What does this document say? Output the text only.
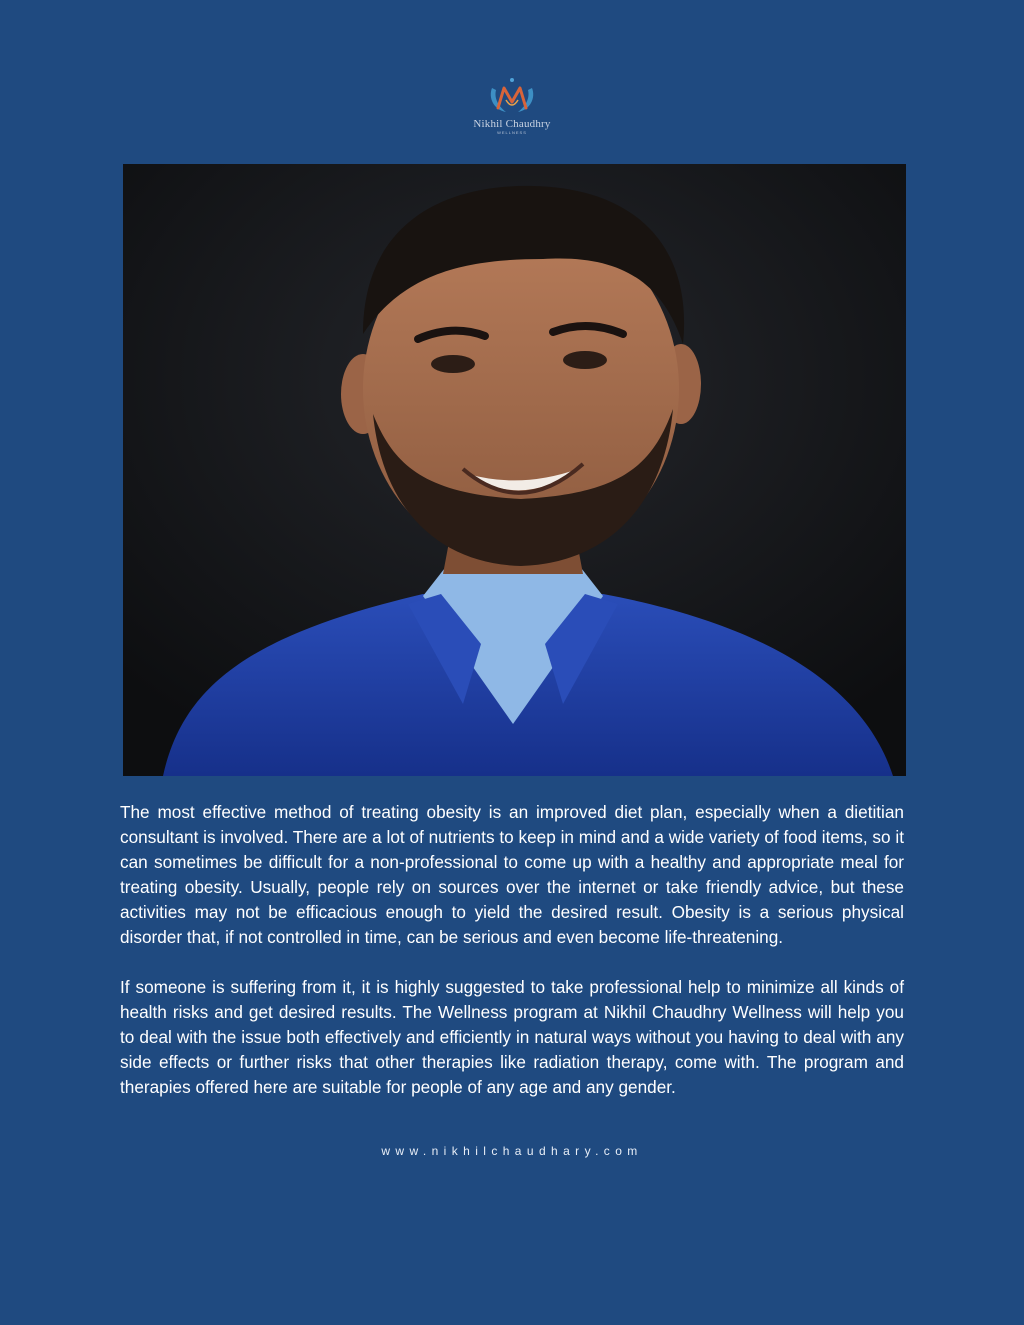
Nikhil Chaudhry
WELLNESS

The most effective method of treating obesity is an improved diet plan, especially when a dietitian consultant is involved. There are a lot of nutrients to keep in mind and a wide variety of food items, so it can sometimes be difficult for a non-professional to come up with a healthy and appropriate meal for treating obesity. Usually, people rely on sources over the internet or take friendly advice, but these activities may not be efficacious enough to yield the desired result. Obesity is a serious physical disorder that, if not controlled in time, can be serious and even become life-threatening.

If someone is suffering from it, it is highly suggested to take professional help to minimize all kinds of health risks and get desired results. The Wellness program at Nikhil Chaudhry Wellness will help you to deal with the issue both effectively and efficiently in natural ways without you having to deal with any side effects or further risks that other therapies like radiation therapy, come with. The program and therapies offered here are suitable for people of any age and any gender.

www.nikhilchaudhary.com
